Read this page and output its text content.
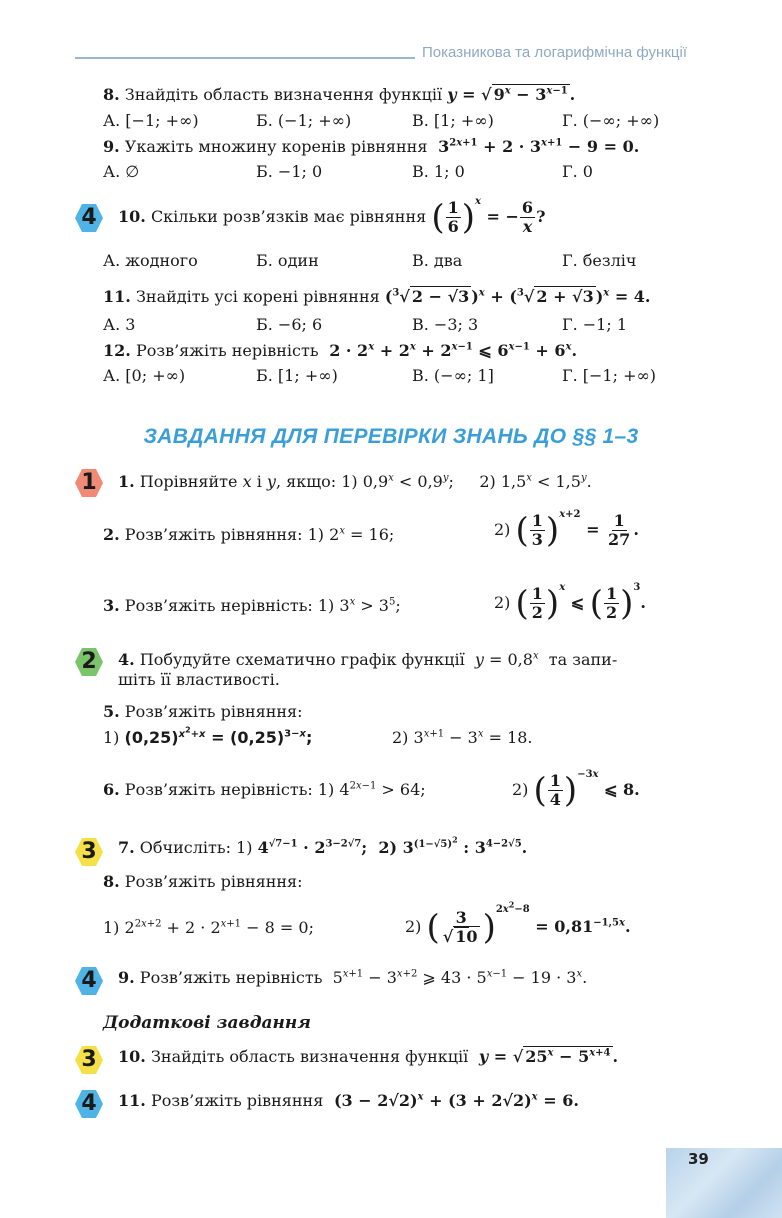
Показникова та логарифмічна функції
8. Знайдіть область визначення функції y = √ $9^x - 3^{x-1}$ .
А. [−1; +∞)	Б. (−1; +∞)	В. [1; +∞)	Г. (−∞; +∞)
9. Укажіть множину коренів рівняння  $3^{2x+1} + 2 \cdot 3^{x+1} - 9 = 0$.
А. ∅	Б. −1; 0	В. 1; 0	Г. 0
4	10. Скільки розв’язків має рівняння ( $\frac{1}{6} )^x$ = − $\frac{6}{x}$ ?
А. жодного	Б. один	В. два	Г. безліч
11. Знайдіть усі корені рівняння ($^3$√ 2 − √3 )$^x$ + ($^3$√ 2 + √3 )$^x$ = 4.
А. 3	Б. −6; 6	В. −3; 3	Г. −1; 1
12. Розв’яжіть нерівність  $2 \cdot 2^x + 2^x + 2^{x-1}$ ⩽ $6^{x-1} + 6^x$.
А. [0; +∞)	Б. [1; +∞)	В. (−∞; 1]	Г. [−1; +∞)
ЗАВДАННЯ ДЛЯ ПЕРЕВІРКИ ЗНАНЬ ДО §§ 1–3
1	1. Порівняйте x і y, якщо: 1) $0,9^x < 0,9^y$;     2) $1,5^x < 1,5^y$.
2. Розв’яжіть рівняння: 1) $2^x = 16$;	2) ( $\frac{1}{3} )^{x+2} = \frac{1}{27}$ .
3. Розв’яжіть нерівність: 1) $3^x > 3^5$;	2) ( $\frac{1}{2} )^x$ ⩽ ( $\frac{1}{2} )^3$.
2	4. Побудуйте схематично графік функції $y = 0,8^x$ та запи-
шіть її властивості.
5. Розв’яжіть рівняння:
1) $(0,25)^{x^2+x} = (0,25)^{3-x}$;	2) $3^{x+1} - 3^x = 18$.
6. Розв’яжіть нерівність: 1) $4^{2x-1} > 64$;	2) ( $\frac{1}{4} )^{-3x}$ ⩽ 8.
3	7. Обчисліть: 1) $4^{√7-1} \cdot 2^{3-2√7}$;  2) $3^{(1-√5)^2}$ : $3^{4-2√5}$.
8. Розв’яжіть рівняння:
1) $2^{2x+2} + 2 \cdot 2^{x+1} - 8 = 0$;	2) ( $\frac{3}{√ 10} )^{2x^2-8} = 0,81^{-1,5x}$.
4	9. Розв’яжіть нерівність  $5^{x+1} - 3^{x+2}$ ⩾ $43 \cdot 5^{x-1} - 19 \cdot 3^x$.
Додаткові завдання
3	10. Знайдіть область визначення функції y = √ $25^x - 5^{x+4}$ .
4	11. Розв’яжіть рівняння  $(3 - 2√2)^x + (3 + 2√2)^x = 6$.
39
